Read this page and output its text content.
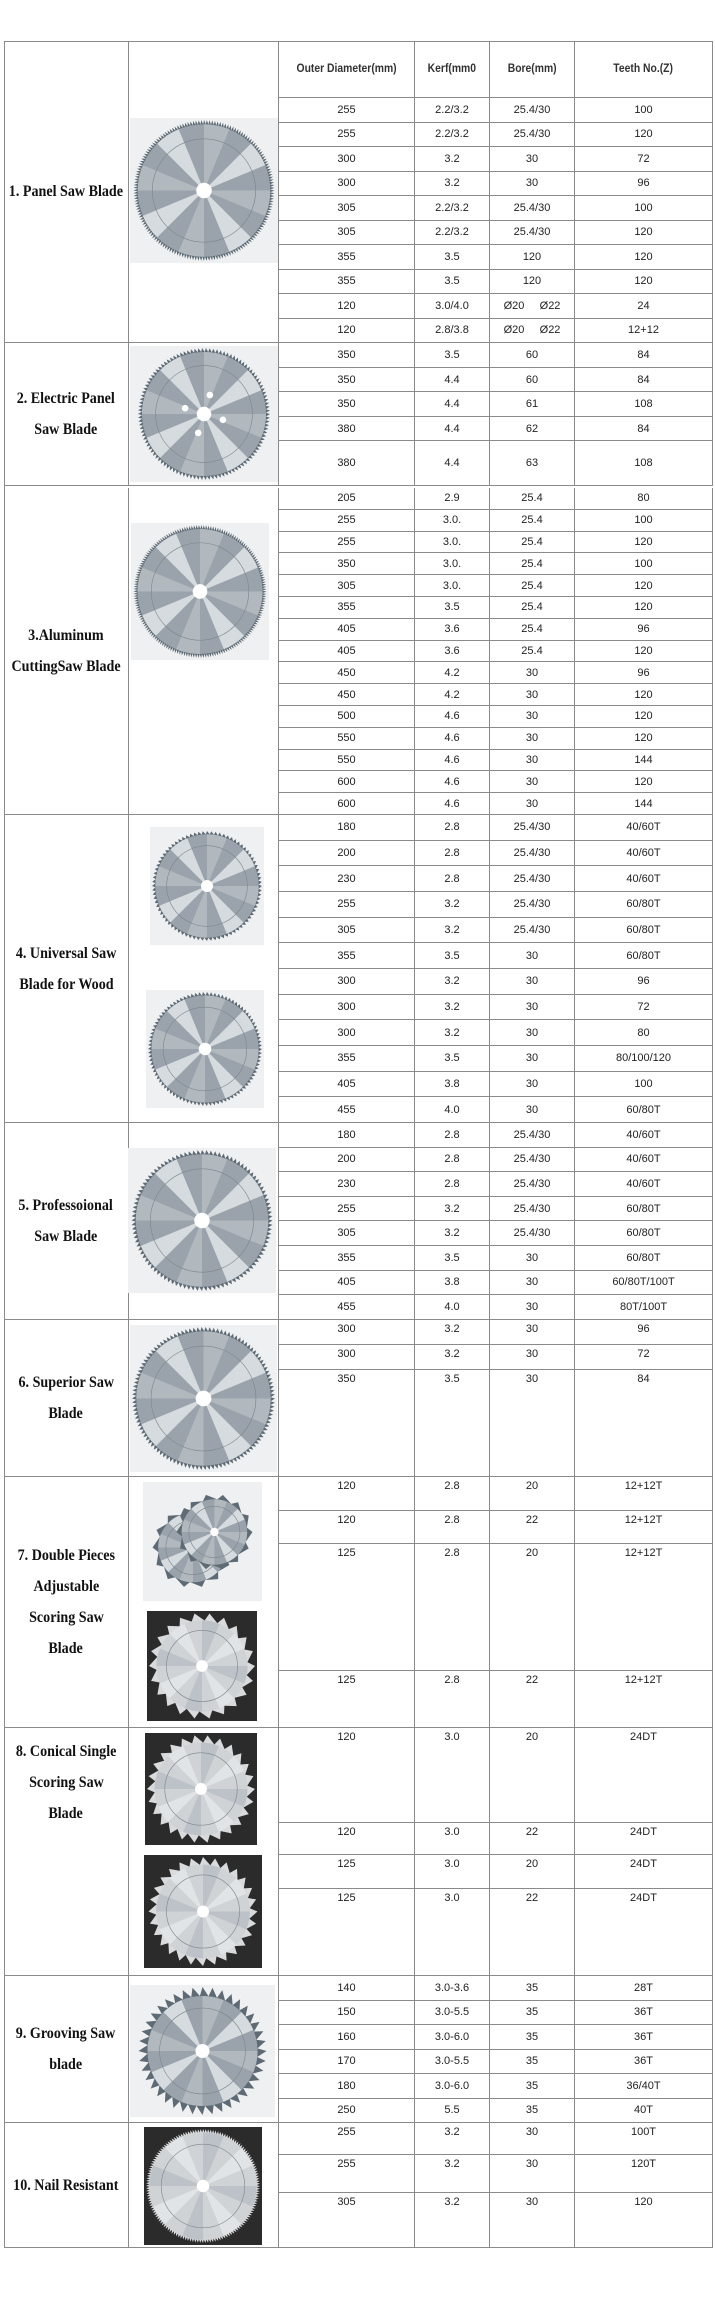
Outer Diameter(mm)	Kerf(mm0	Bore(mm)	Teeth No.(Z)
1. Panel Saw Blade
255	2.2/3.2	25.4/30	100
255	2.2/3.2	25.4/30	120
300	3.2	30	72
300	3.2	30	96
305	2.2/3.2	25.4/30	100
305	2.2/3.2	25.4/30	120
355	3.5	120	120
355	3.5	120	120
120	3.0/4.0	Ø20     Ø22	24
120	2.8/3.8	Ø20     Ø22	12+12
2. Electric Panel
Saw Blade
350	3.5	60	84
350	4.4	60	84
350	4.4	61	108
380	4.4	62	84
380	4.4	63	108
3.Aluminum
CuttingSaw Blade
205	2.9	25.4	80
255	3.0.	25.4	100
255	3.0.	25.4	120
350	3.0.	25.4	100
305	3.0.	25.4	120
355	3.5	25.4	120
405	3.6	25.4	96
405	3.6	25.4	120
450	4.2	30	96
450	4.2	30	120
500	4.6	30	120
550	4.6	30	120
550	4.6	30	144
600	4.6	30	120
600	4.6	30	144
4. Universal Saw
Blade for Wood
180	2.8	25.4/30	40/60T
200	2.8	25.4/30	40/60T
230	2.8	25.4/30	40/60T
255	3.2	25.4/30	60/80T
305	3.2	25.4/30	60/80T
355	3.5	30	60/80T
300	3.2	30	96
300	3.2	30	72
300	3.2	30	80
355	3.5	30	80/100/120
405	3.8	30	100
455	4.0	30	60/80T
5. Professoional
Saw Blade
180	2.8	25.4/30	40/60T
200	2.8	25.4/30	40/60T
230	2.8	25.4/30	40/60T
255	3.2	25.4/30	60/80T
305	3.2	25.4/30	60/80T
355	3.5	30	60/80T
405	3.8	30	60/80T/100T
455	4.0	30	80T/100T
6. Superior Saw
Blade
300	3.2	30	96
300	3.2	30	72
350	3.5	30	84
7. Double Pieces
Adjustable
Scoring Saw
Blade
120	2.8	20	12+12T
120	2.8	22	12+12T
125	2.8	20	12+12T
125	2.8	22	12+12T
8. Conical Single
Scoring Saw
Blade
120	3.0	20	24DT
120	3.0	22	24DT
125	3.0	20	24DT
125	3.0	22	24DT
9. Grooving Saw
blade
140	3.0-3.6	35	28T
150	3.0-5.5	35	36T
160	3.0-6.0	35	36T
170	3.0-5.5	35	36T
180	3.0-6.0	35	36/40T
250	5.5	35	40T
10. Nail Resistant
255	3.2	30	100T
255	3.2	30	120T
305	3.2	30	120
